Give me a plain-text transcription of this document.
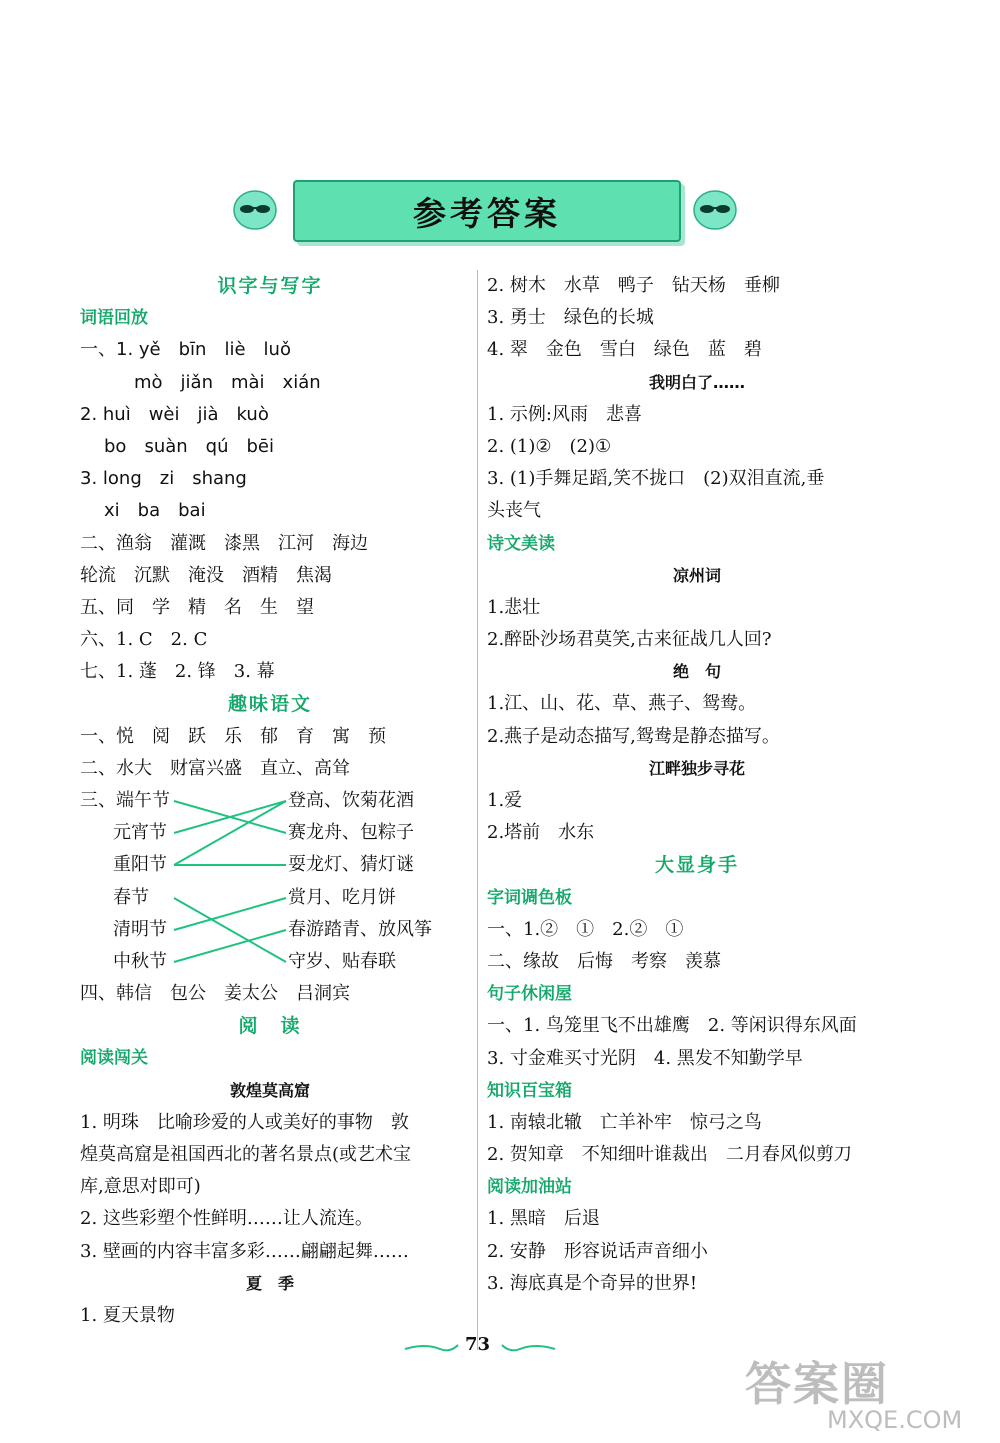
参考答案
识字与写字
词语回放
一、1. yě　bīn　liè　luǒ
mò　jiǎn　mài　xián
2. huì　wèi　jià　kuò
bo　suàn　qú　bēi
3. long　zi　shang
xi　ba　bai
二、渔翁　灌溉　漆黑　江河　海边
轮流　沉默　淹没　酒精　焦渴
五、同　学　精　名　生　望
六、1. C　2. C
七、1. 蓬　2. 锋　3. 幕
趣味语文
一、悦　阅　跃　乐　郁　育　寓　预
二、水大　财富兴盛　直立、高耸
三、端午节
元宵节
重阳节
春节
清明节
中秋节
登高、饮菊花酒
赛龙舟、包粽子
耍龙灯、猜灯谜
赏月、吃月饼
春游踏青、放风筝
守岁、贴春联
四、韩信　包公　姜太公　吕洞宾
阅　读
阅读闯关
敦煌莫高窟
1. 明珠　比喻珍爱的人或美好的事物　敦
煌莫高窟是祖国西北的著名景点(或艺术宝
库,意思对即可)
2. 这些彩塑个性鲜明……让人流连。
3. 壁画的内容丰富多彩……翩翩起舞……
夏　季
1. 夏天景物
2. 树木　水草　鸭子　钻天杨　垂柳
3. 勇士　绿色的长城
4. 翠　金色　雪白　绿色　蓝　碧
我明白了……
1. 示例:风雨　悲喜
2. (1)②　(2)①
3. (1)手舞足蹈,笑不拢口　(2)双泪直流,垂
头丧气
诗文美读
凉州词
1.悲壮
2.醉卧沙场君莫笑,古来征战几人回?
绝　句
1.江、山、花、草、燕子、鸳鸯。
2.燕子是动态描写,鸳鸯是静态描写。
江畔独步寻花
1.爱
2.塔前　水东
大显身手
字词调色板
一、1.②　①　2.②　①
二、缘故　后悔　考察　羡慕
句子休闲屋
一、1. 鸟笼里飞不出雄鹰　2. 等闲识得东风面
3. 寸金难买寸光阴　4. 黑发不知勤学早
知识百宝箱
1. 南辕北辙　亡羊补牢　惊弓之鸟
2. 贺知章　不知细叶谁裁出　二月春风似剪刀
阅读加油站
1. 黑暗　后退
2. 安静　形容说话声音细小
3. 海底真是个奇异的世界!
73
答案圈
MXQE.COM
